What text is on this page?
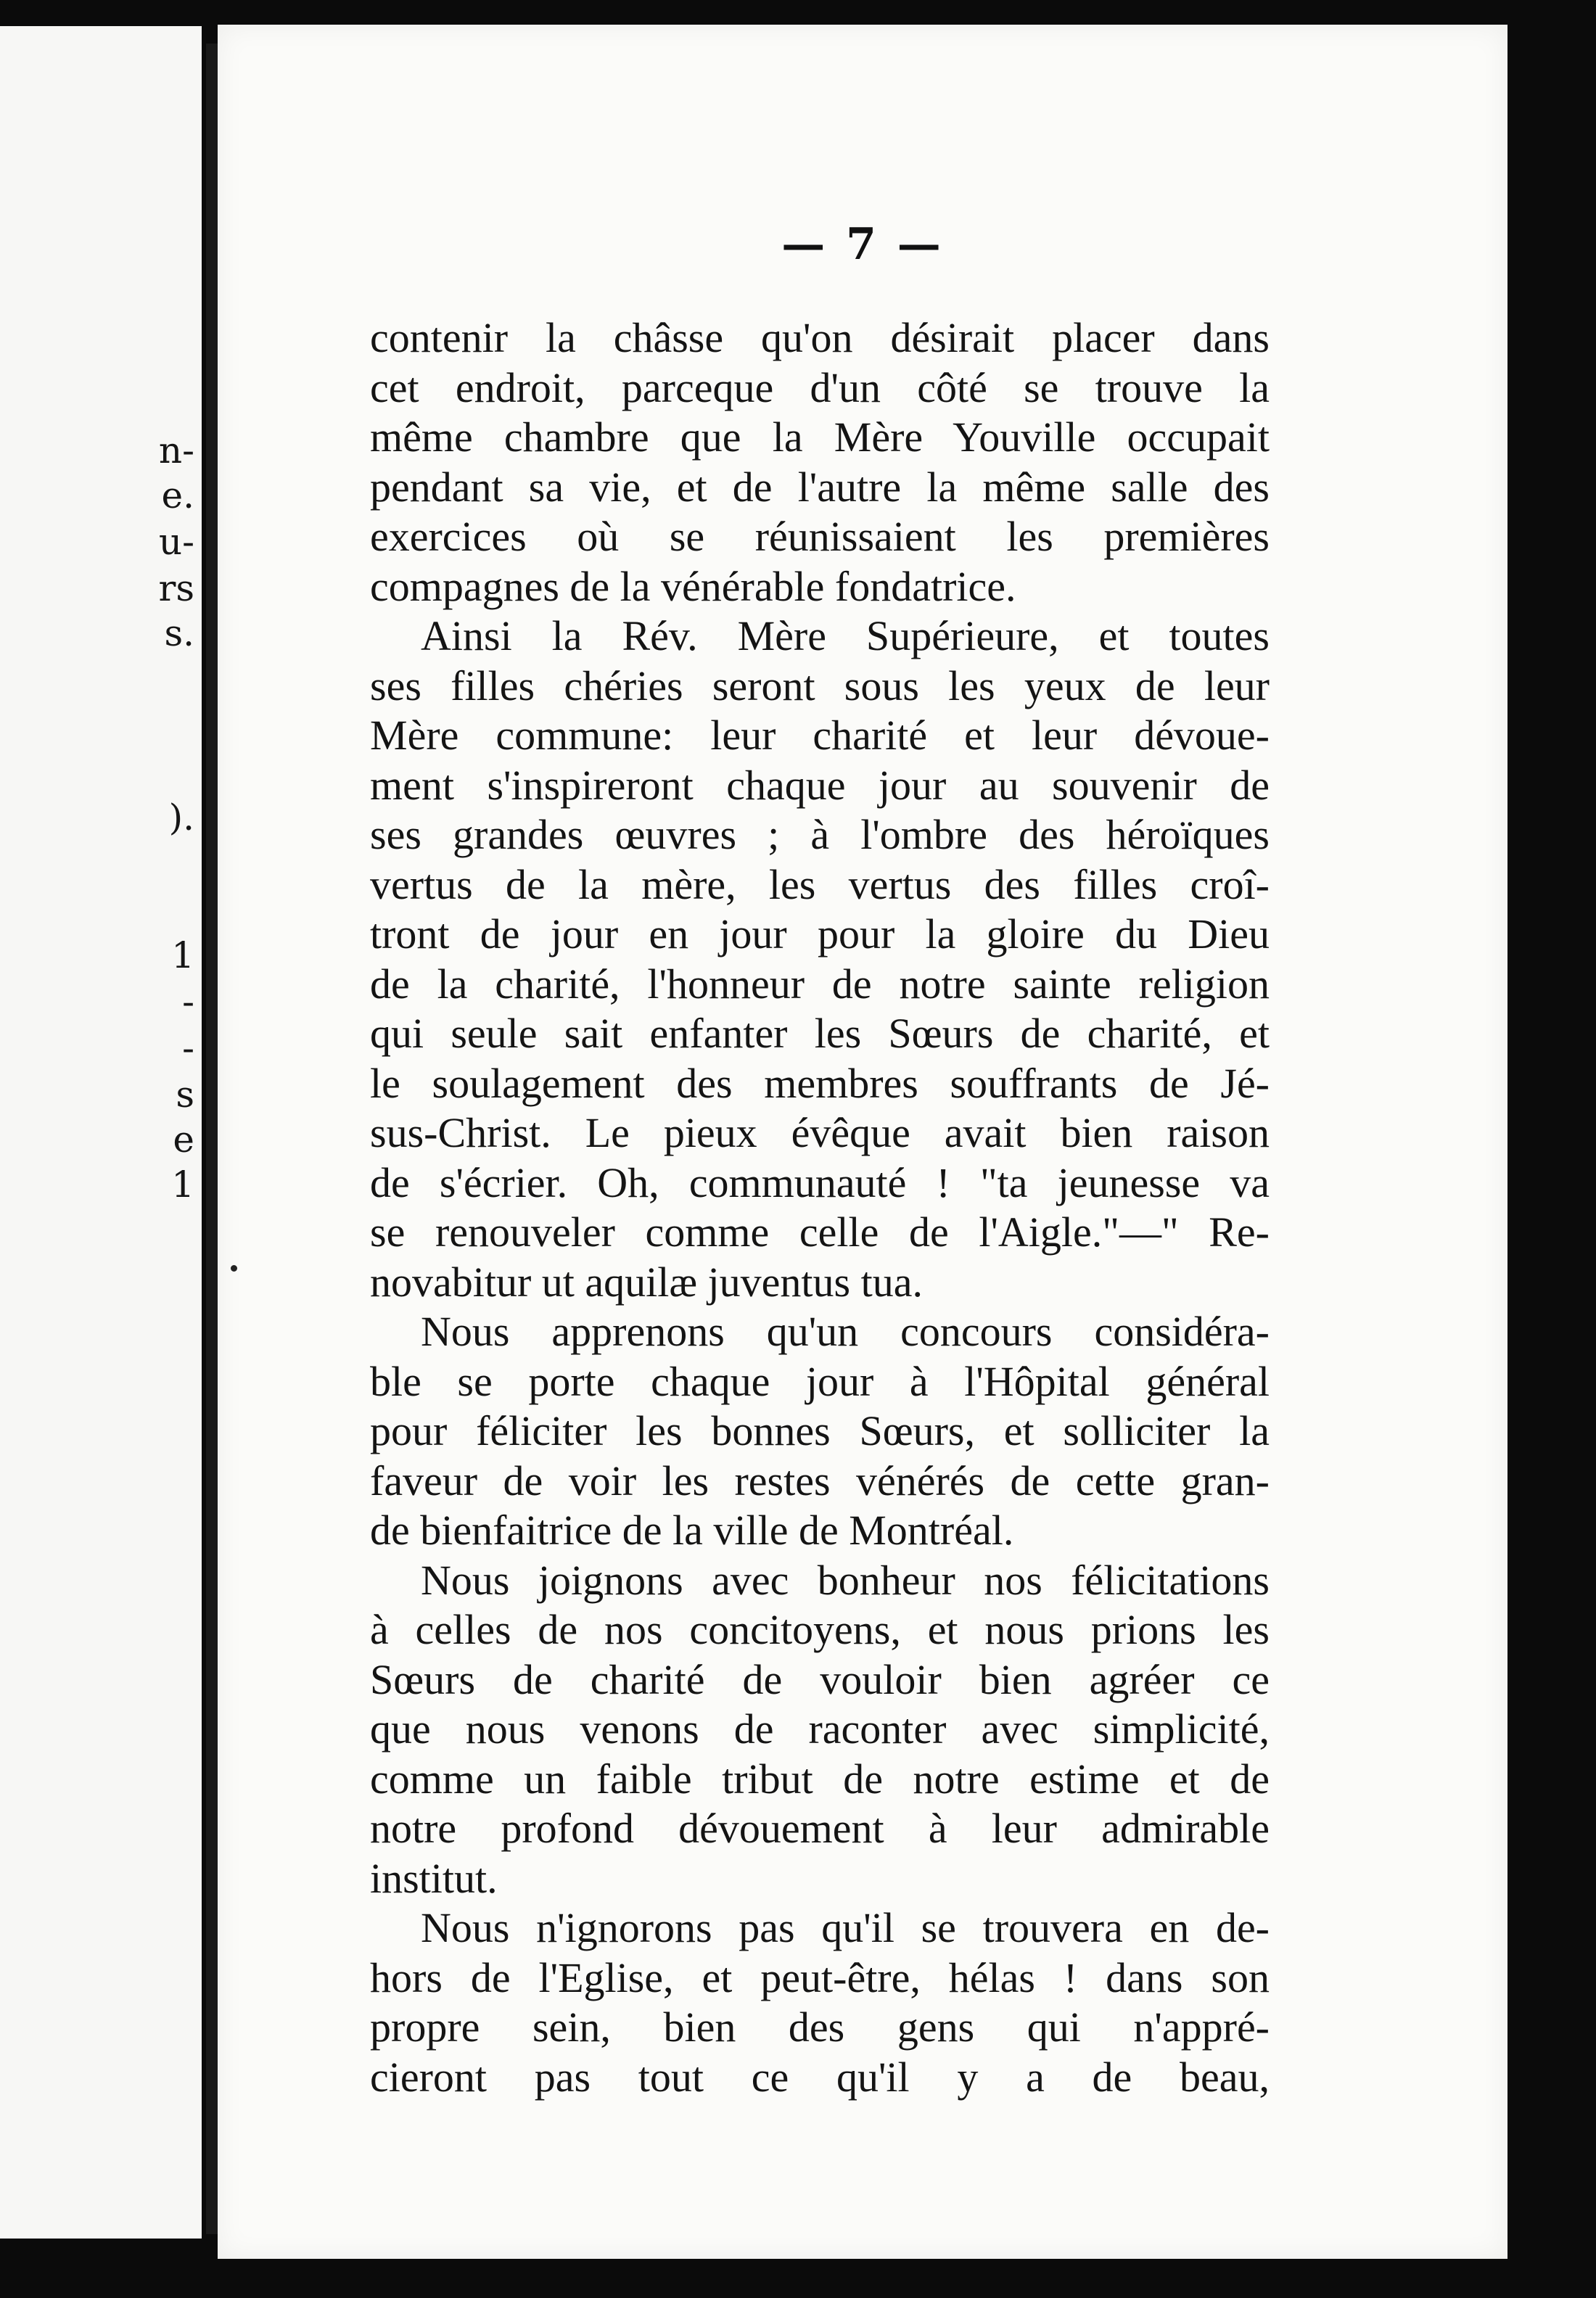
n-
e.
u-
rs
s.
).
1
-
-
s
e
1
— 7 —

contenir la châsse qu'on désirait placer dans
cet endroit, parceque d'un côté se trouve la
même chambre que la Mère Youville occupait
pendant sa vie, et de l'autre la même salle des
exercices où se réunissaient les premières
compagnes de la vénérable fondatrice.

Ainsi la Rév. Mère Supérieure, et toutes
ses filles chéries seront sous les yeux de leur
Mère commune: leur charité et leur dévoue-
ment s'inspireront chaque jour au souvenir de
ses grandes œuvres ; à l'ombre des héroïques
vertus de la mère, les vertus des filles croî-
tront de jour en jour pour la gloire du Dieu
de la charité, l'honneur de notre sainte religion
qui seule sait enfanter les Sœurs de charité, et
le soulagement des membres souffrants de Jé-
sus-Christ. Le pieux évêque avait bien raison
de s'écrier. Oh, communauté ! "ta jeunesse va
se renouveler comme celle de l'Aigle."—" Re-
novabitur ut aquilæ juventus tua.

Nous apprenons qu'un concours considéra-
ble se porte chaque jour à l'Hôpital général
pour féliciter les bonnes Sœurs, et solliciter la
faveur de voir les restes vénérés de cette gran-
de bienfaitrice de la ville de Montréal.

Nous joignons avec bonheur nos félicitations
à celles de nos concitoyens, et nous prions les
Sœurs de charité de vouloir bien agréer ce
que nous venons de raconter avec simplicité,
comme un faible tribut de notre estime et de
notre profond dévouement à leur admirable
institut.

Nous n'ignorons pas qu'il se trouvera en de-
hors de l'Eglise, et peut-être, hélas ! dans son
propre sein, bien des gens qui n'appré-
cieront pas tout ce qu'il y a de beau,
